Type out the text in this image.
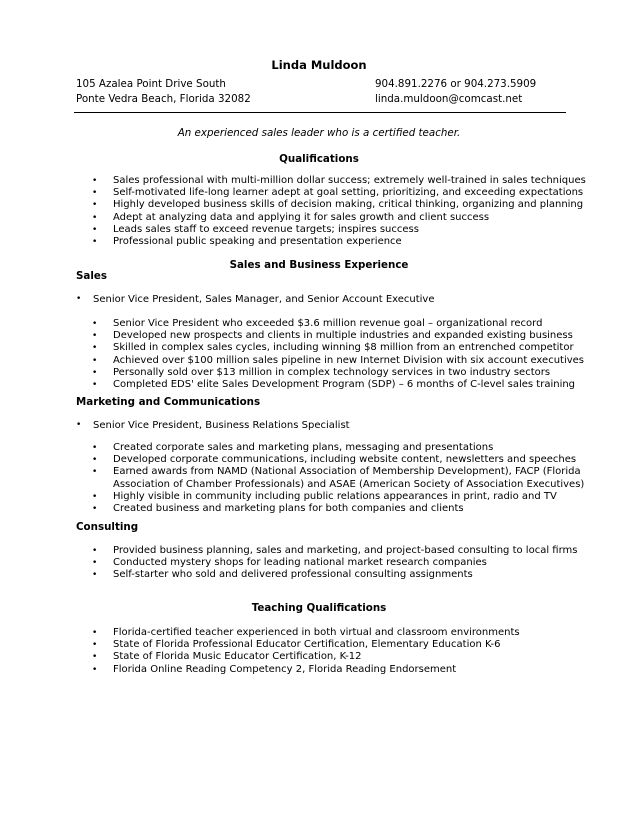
Linda Muldoon
105 Azalea Point Drive South
Ponte Vedra Beach, Florida 32082
904.891.2276 or 904.273.5909
linda.muldoon@comcast.net
An experienced sales leader who is a certified teacher.
Qualifications
• Sales professional with multi-million dollar success; extremely well-trained in sales techniques
• Self-motivated life-long learner adept at goal setting, prioritizing, and exceeding expectations
• Highly developed business skills of decision making, critical thinking, organizing and planning
• Adept at analyzing data and applying it for sales growth and client success
• Leads sales staff to exceed revenue targets; inspires success
• Professional public speaking and presentation experience
Sales and Business Experience
Sales
• Senior Vice President, Sales Manager, and Senior Account Executive
• Senior Vice President who exceeded $3.6 million revenue goal – organizational record
• Developed new prospects and clients in multiple industries and expanded existing business
• Skilled in complex sales cycles, including winning $8 million from an entrenched competitor
• Achieved over $100 million sales pipeline in new Internet Division with six account executives
• Personally sold over $13 million in complex technology services in two industry sectors
• Completed EDS' elite Sales Development Program (SDP) – 6 months of C-level sales training
Marketing and Communications
• Senior Vice President, Business Relations Specialist
• Created corporate sales and marketing plans, messaging and presentations
• Developed corporate communications, including website content, newsletters and speeches
• Earned awards from NAMD (National Association of Membership Development), FACP (Florida Association of Chamber Professionals) and ASAE (American Society of Association Executives)
• Highly visible in community including public relations appearances in print, radio and TV
• Created business and marketing plans for both companies and clients
Consulting
• Provided business planning, sales and marketing, and project-based consulting to local firms
• Conducted mystery shops for leading national market research companies
• Self-starter who sold and delivered professional consulting assignments
Teaching Qualifications
• Florida-certified teacher experienced in both virtual and classroom environments
• State of Florida Professional Educator Certification, Elementary Education K-6
• State of Florida Music Educator Certification, K-12
• Florida Online Reading Competency 2, Florida Reading Endorsement
